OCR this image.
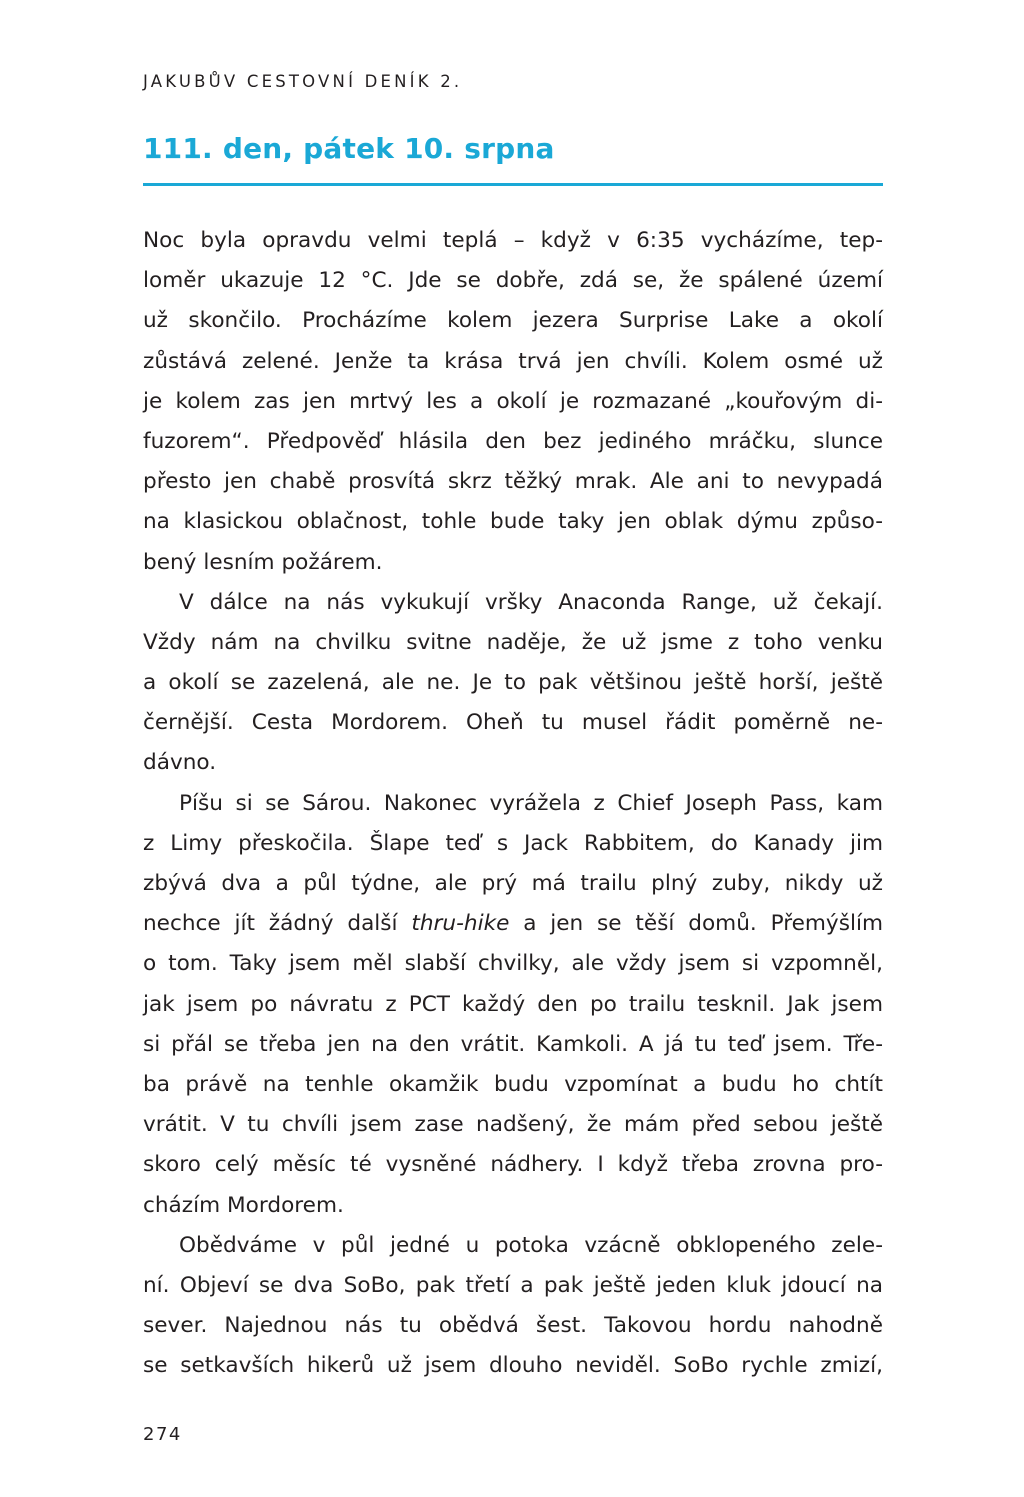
JAKUBŮV CESTOVNÍ DENÍK 2.
111. den, pátek 10. srpna
Noc byla opravdu velmi teplá – když v 6:35 vycházíme, tep-
loměr ukazuje 12 °C. Jde se dobře, zdá se, že spálené území
už skončilo. Procházíme kolem jezera Surprise Lake a okolí
zůstává zelené. Jenže ta krása trvá jen chvíli. Kolem osmé už
je kolem zas jen mrtvý les a okolí je rozmazané „kouřovým di-
fuzorem“. Předpověď hlásila den bez jediného mráčku, slunce
přesto jen chabě prosvítá skrz těžký mrak. Ale ani to nevypadá
na klasickou oblačnost, tohle bude taky jen oblak dýmu způso-
bený lesním požárem.
V dálce na nás vykukují vršky Anaconda Range, už čekají.
Vždy nám na chvilku svitne naděje, že už jsme z toho venku
a okolí se zazelená, ale ne. Je to pak většinou ještě horší, ještě
černější. Cesta Mordorem. Oheň tu musel řádit poměrně ne-
dávno.
Píšu si se Sárou. Nakonec vyrážela z Chief Joseph Pass, kam
z Limy přeskočila. Šlape teď s Jack Rabbitem, do Kanady jim
zbývá dva a půl týdne, ale prý má trailu plný zuby, nikdy už
nechce jít žádný další thru-hike a jen se těší domů. Přemýšlím
o tom. Taky jsem měl slabší chvilky, ale vždy jsem si vzpomněl,
jak jsem po návratu z PCT každý den po trailu tesknil. Jak jsem
si přál se třeba jen na den vrátit. Kamkoli. A já tu teď jsem. Tře-
ba právě na tenhle okamžik budu vzpomínat a budu ho chtít
vrátit. V tu chvíli jsem zase nadšený, že mám před sebou ještě
skoro celý měsíc té vysněné nádhery. I když třeba zrovna pro-
cházím Mordorem.
Obědváme v půl jedné u potoka vzácně obklopeného zele-
ní. Objeví se dva SoBo, pak třetí a pak ještě jeden kluk jdoucí na
sever. Najednou nás tu obědvá šest. Takovou hordu nahodně
se setkavších hikerů už jsem dlouho neviděl. SoBo rychle zmizí,
274
